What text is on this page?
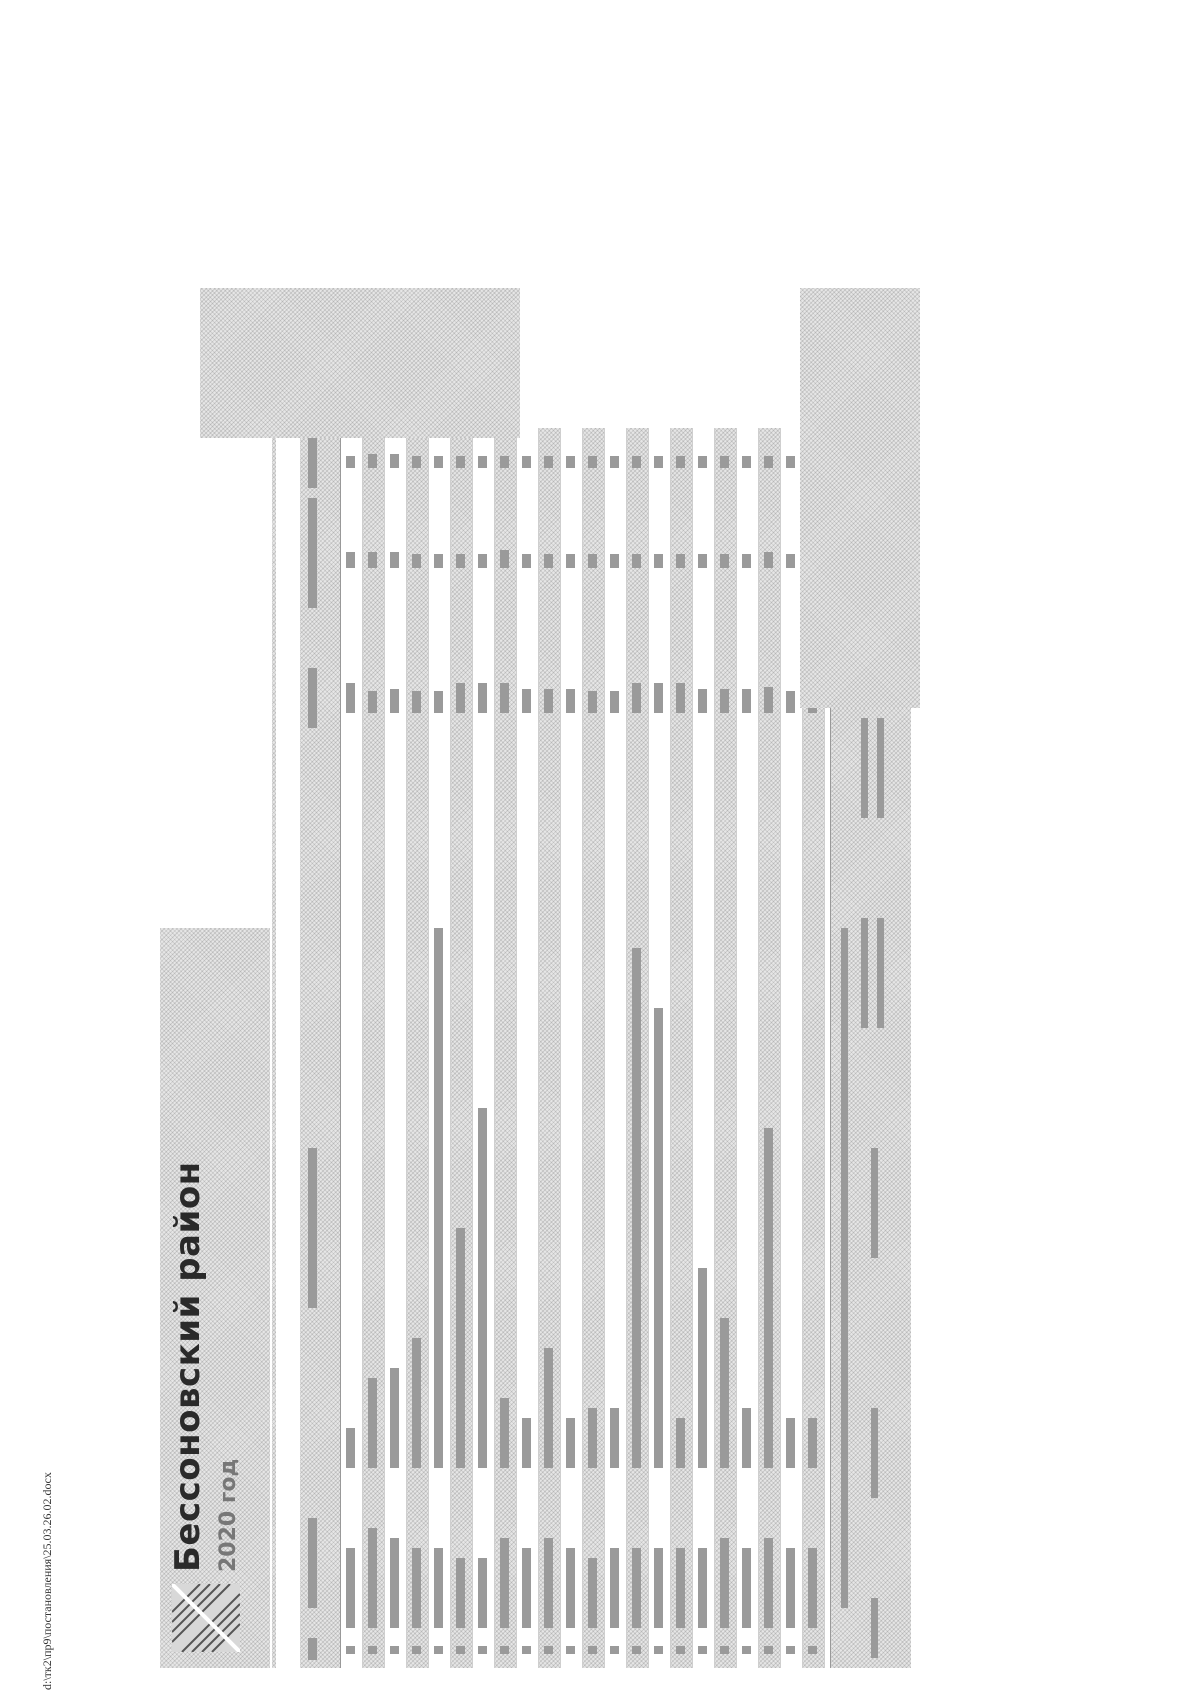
d:\тк2\пр9\постановления\25.03.26.02.docx
Бессоновский район 2020 год
